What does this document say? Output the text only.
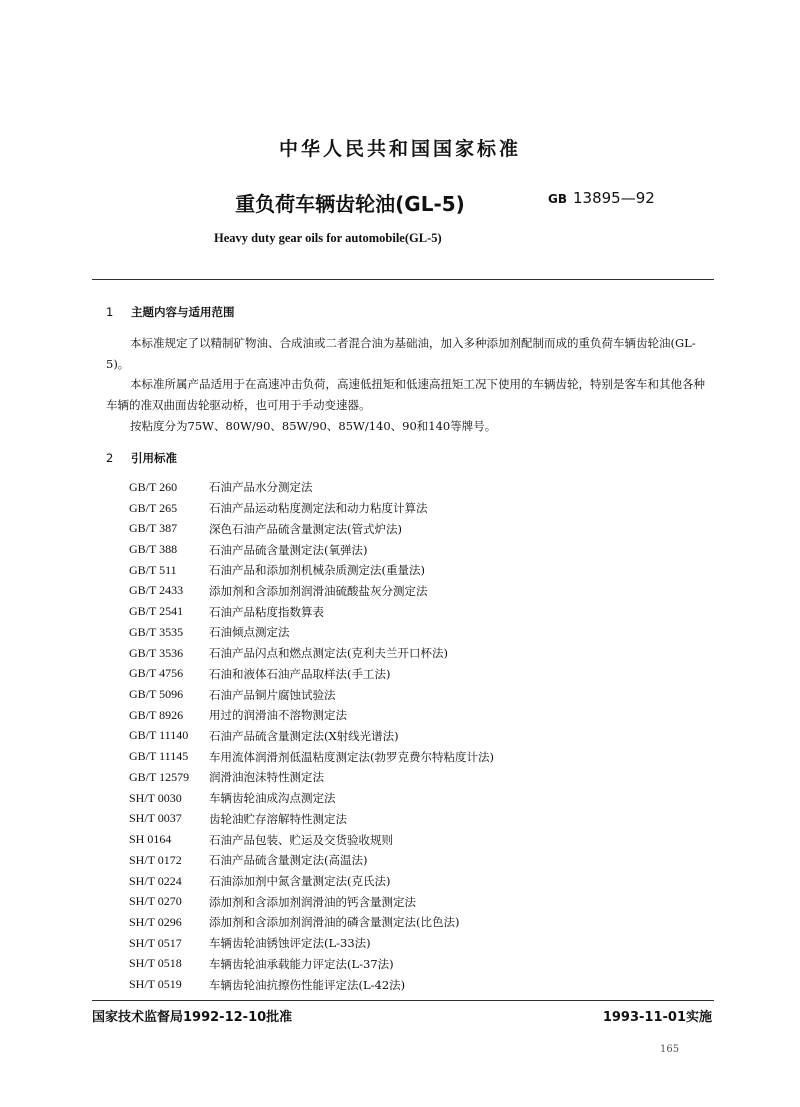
中华人民共和国国家标准
重负荷车辆齿轮油(GL-5)	GB 13895—92
Heavy duty gear oils for automobile(GL-5)
1 主题内容与适用范围
本标准规定了以精制矿物油、合成油或二者混合油为基础油，加入多种添加剂配制而成的重负荷车辆齿轮油(GL-5)。
本标准所属产品适用于在高速冲击负荷，高速低扭矩和低速高扭矩工况下使用的车辆齿轮，特别是客车和其他各种车辆的准双曲面齿轮驱动桥，也可用于手动变速器。
按粘度分为75W、80W/90、85W/90、85W/140、90和140等牌号。
2 引用标准
GB/T 260	石油产品水分测定法
GB/T 265	石油产品运动粘度测定法和动力粘度计算法
GB/T 387	深色石油产品硫含量测定法(管式炉法)
GB/T 388	石油产品硫含量测定法(氧弹法)
GB/T 511	石油产品和添加剂机械杂质测定法(重量法)
GB/T 2433	添加剂和含添加剂润滑油硫酸盐灰分测定法
GB/T 2541	石油产品粘度指数算表
GB/T 3535	石油倾点测定法
GB/T 3536	石油产品闪点和燃点测定法(克利夫兰开口杯法)
GB/T 4756	石油和液体石油产品取样法(手工法)
GB/T 5096	石油产品铜片腐蚀试验法
GB/T 8926	用过的润滑油不溶物测定法
GB/T 11140	石油产品硫含量测定法(X射线光谱法)
GB/T 11145	车用流体润滑剂低温粘度测定法(勃罗克费尔特粘度计法)
GB/T 12579	润滑油泡沫特性测定法
SH/T 0030	车辆齿轮油成沟点测定法
SH/T 0037	齿轮油贮存溶解特性测定法
SH 0164	石油产品包装、贮运及交货验收规则
SH/T 0172	石油产品硫含量测定法(高温法)
SH/T 0224	石油添加剂中氮含量测定法(克氏法)
SH/T 0270	添加剂和含添加剂润滑油的钙含量测定法
SH/T 0296	添加剂和含添加剂润滑油的磷含量测定法(比色法)
SH/T 0517	车辆齿轮油锈蚀评定法(L-33法)
SH/T 0518	车辆齿轮油承载能力评定法(L-37法)
SH/T 0519	车辆齿轮油抗擦伤性能评定法(L-42法)
国家技术监督局1992-12-10批准	1993-11-01实施
165
